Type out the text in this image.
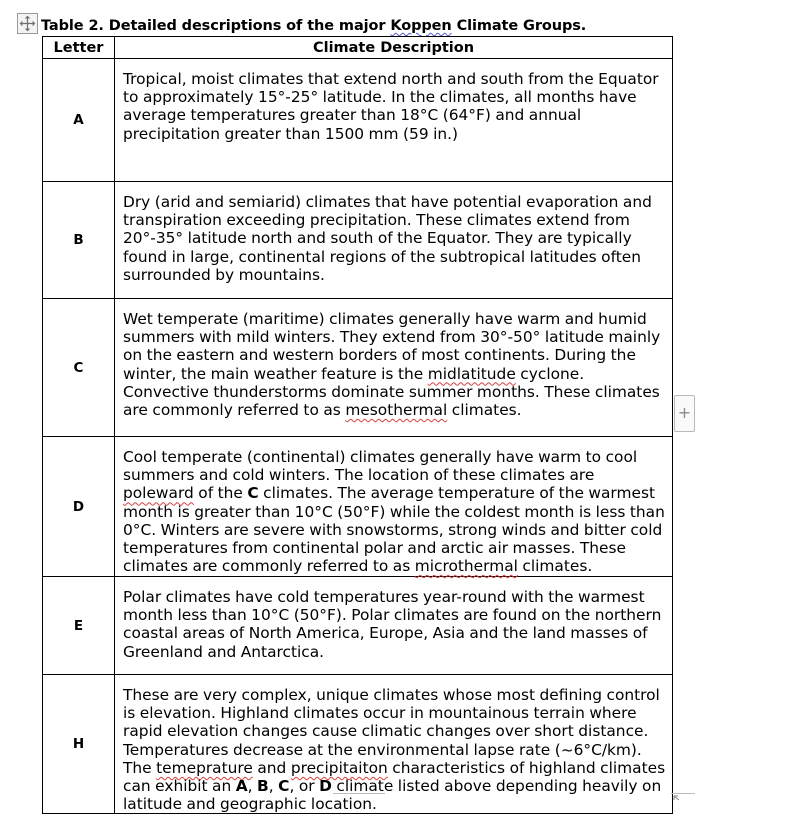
Table 2. Detailed descriptions of the major Koppen Climate Groups.
Letter	Climate Description
A	Tropical, moist climates that extend north and south from the Equator to approximately 15°-25° latitude. In the climates, all months have average temperatures greater than 18°C (64°F) and annual precipitation greater than 1500 mm (59 in.)
B	Dry (arid and semiarid) climates that have potential evaporation and transpiration exceeding precipitation. These climates extend from 20°-35° latitude north and south of the Equator. They are typically found in large, continental regions of the subtropical latitudes often surrounded by mountains.
C	Wet temperate (maritime) climates generally have warm and humid summers with mild winters. They extend from 30°-50° latitude mainly on the eastern and western borders of most continents. During the winter, the main weather feature is the midlatitude cyclone. Convective thunderstorms dominate summer months. These climates are commonly referred to as mesothermal climates.
D	Cool temperate (continental) climates generally have warm to cool summers and cold winters. The location of these climates are poleward of the C climates. The average temperature of the warmest month is greater than 10°C (50°F) while the coldest month is less than 0°C. Winters are severe with snowstorms, strong winds and bitter cold temperatures from continental polar and arctic air masses. These climates are commonly referred to as microthermal climates.
E	Polar climates have cold temperatures year-round with the warmest month less than 10°C (50°F). Polar climates are found on the northern coastal areas of North America, Europe, Asia and the land masses of Greenland and Antarctica.
H	These are very complex, unique climates whose most defining control is elevation. Highland climates occur in mountainous terrain where rapid elevation changes cause climatic changes over short distance. Temperatures decrease at the environmental lapse rate (~6°C/km). The temeprature and precipitaiton characteristics of highland climates can exhibit an A, B, C, or D climate listed above depending heavily on latitude and geographic location.
+
